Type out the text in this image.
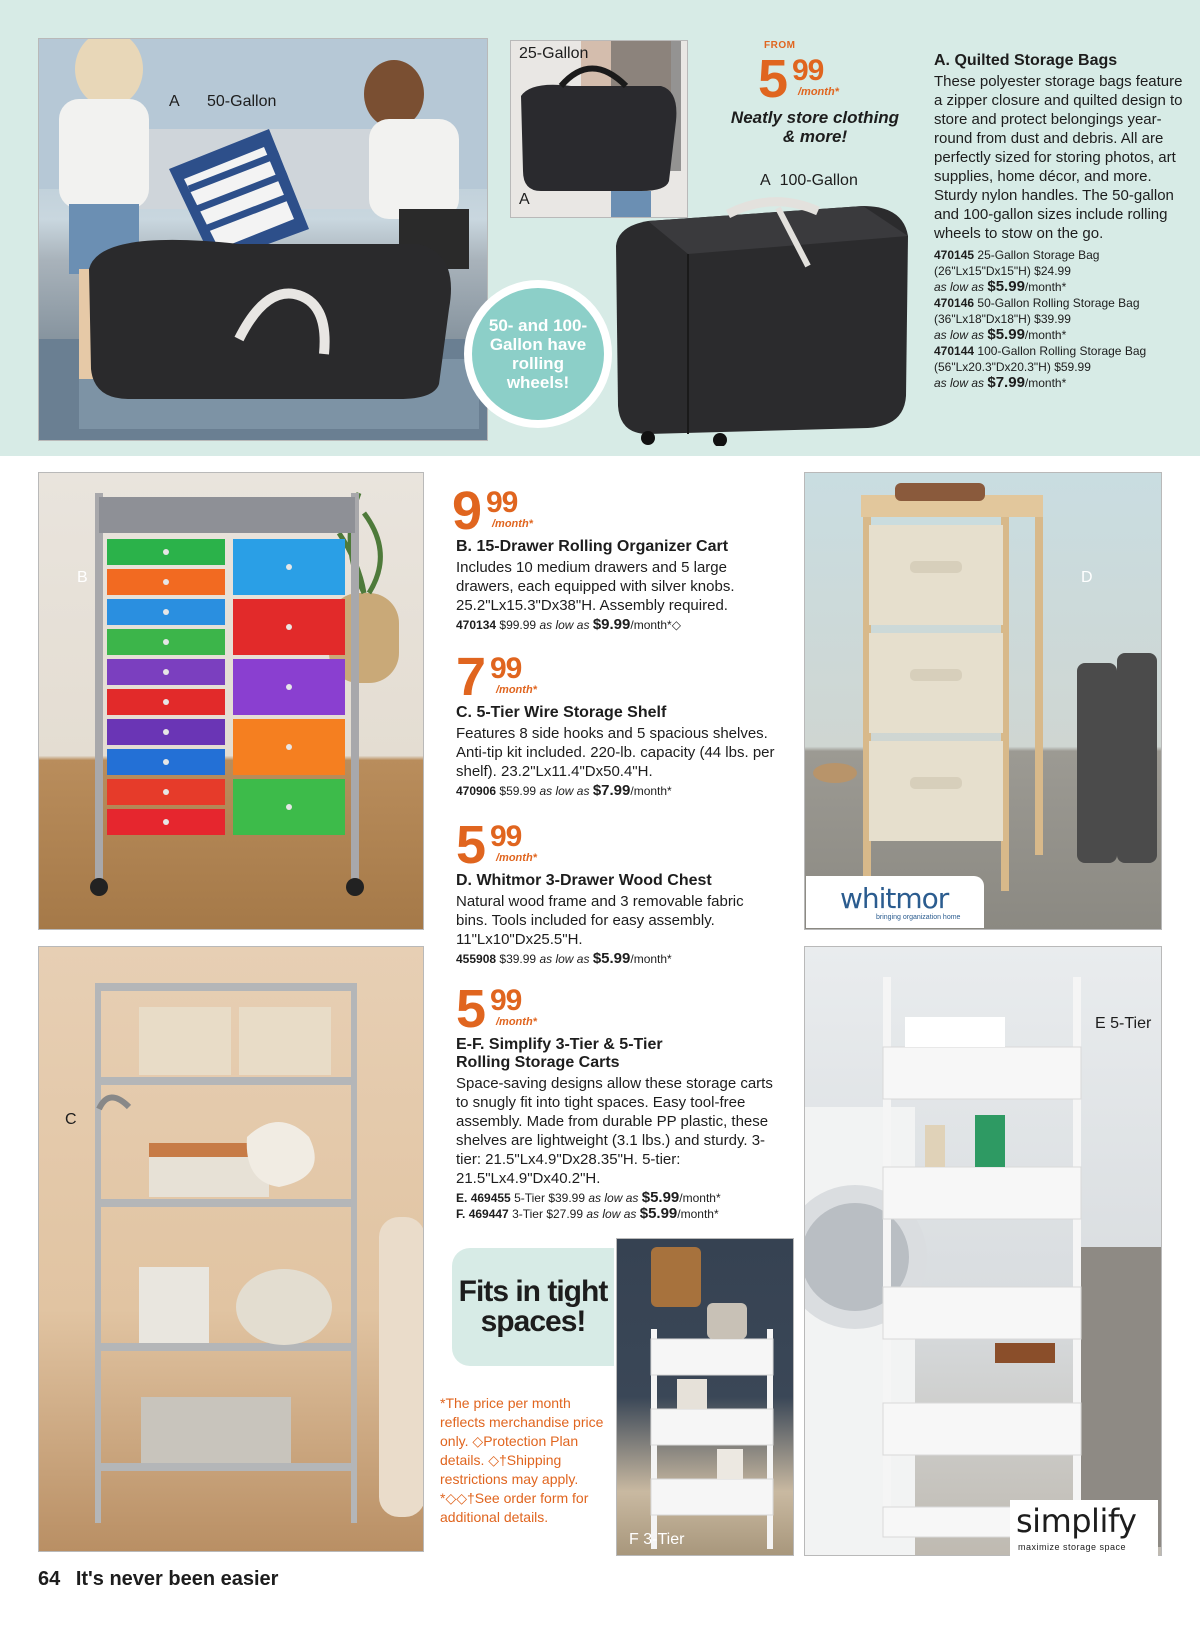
A 50-Gallon
25-Gallon
A
A 100-Gallon
50- and 100-Gallon have rolling wheels!
FROM
5 99
/month*
Neatly store clothing & more!
A. Quilted Storage Bags
These polyester storage bags feature a zipper closure and quilted design to store and protect belongings year-round from dust and debris. All are perfectly sized for storing photos, art supplies, home décor, and more. Sturdy nylon handles. The 50-gallon and 100-gallon sizes include rolling wheels to stow on the go.
470145 25-Gallon Storage Bag
(26"Lx15"Dx15"H) $24.99
as low as $5.99/month*
470146 50-Gallon Rolling Storage Bag
(36"Lx18"Dx18"H) $39.99
as low as $5.99/month*
470144 100-Gallon Rolling Storage Bag
(56"Lx20.3"Dx20.3"H) $59.99
as low as $7.99/month*
B	D
whitmor
bringing organization home
C
E 5-Tier
simplify
maximize storage space
F 3-Tier
9 99
/month*
B. 15-Drawer Rolling Organizer Cart
Includes 10 medium drawers and 5 large drawers, each equipped with silver knobs. 25.2"Lx15.3"Dx38"H. Assembly required.
470134 $99.99 as low as $9.99/month*◇
7 99
/month*
C. 5-Tier Wire Storage Shelf
Features 8 side hooks and 5 spacious shelves. Anti-tip kit included. 220-lb. capacity (44 lbs. per shelf). 23.2"Lx11.4"Dx50.4"H.
470906 $59.99 as low as $7.99/month*
5 99
/month*
D. Whitmor 3-Drawer Wood Chest
Natural wood frame and 3 removable fabric bins. Tools included for easy assembly. 11"Lx10"Dx25.5"H.
455908 $39.99 as low as $5.99/month*
5 99
/month*
E-F. Simplify 3-Tier & 5-Tier
Rolling Storage Carts
Space-saving designs allow these storage carts to snugly fit into tight spaces. Easy tool-free assembly. Made from durable PP plastic, these shelves are lightweight (3.1 lbs.) and sturdy. 3-tier: 21.5"Lx4.9"Dx28.35"H. 5-tier: 21.5"Lx4.9"Dx40.2"H.
E. 469455 5-Tier $39.99 as low as $5.99/month*
F. 469447 3-Tier $27.99 as low as $5.99/month*
Fits in tight spaces!
*The price per month reflects merchandise price only. ◇Protection Plan details. ◇†Shipping restrictions may apply. *◇◇†See order form for additional details.
64 It's never been easier
